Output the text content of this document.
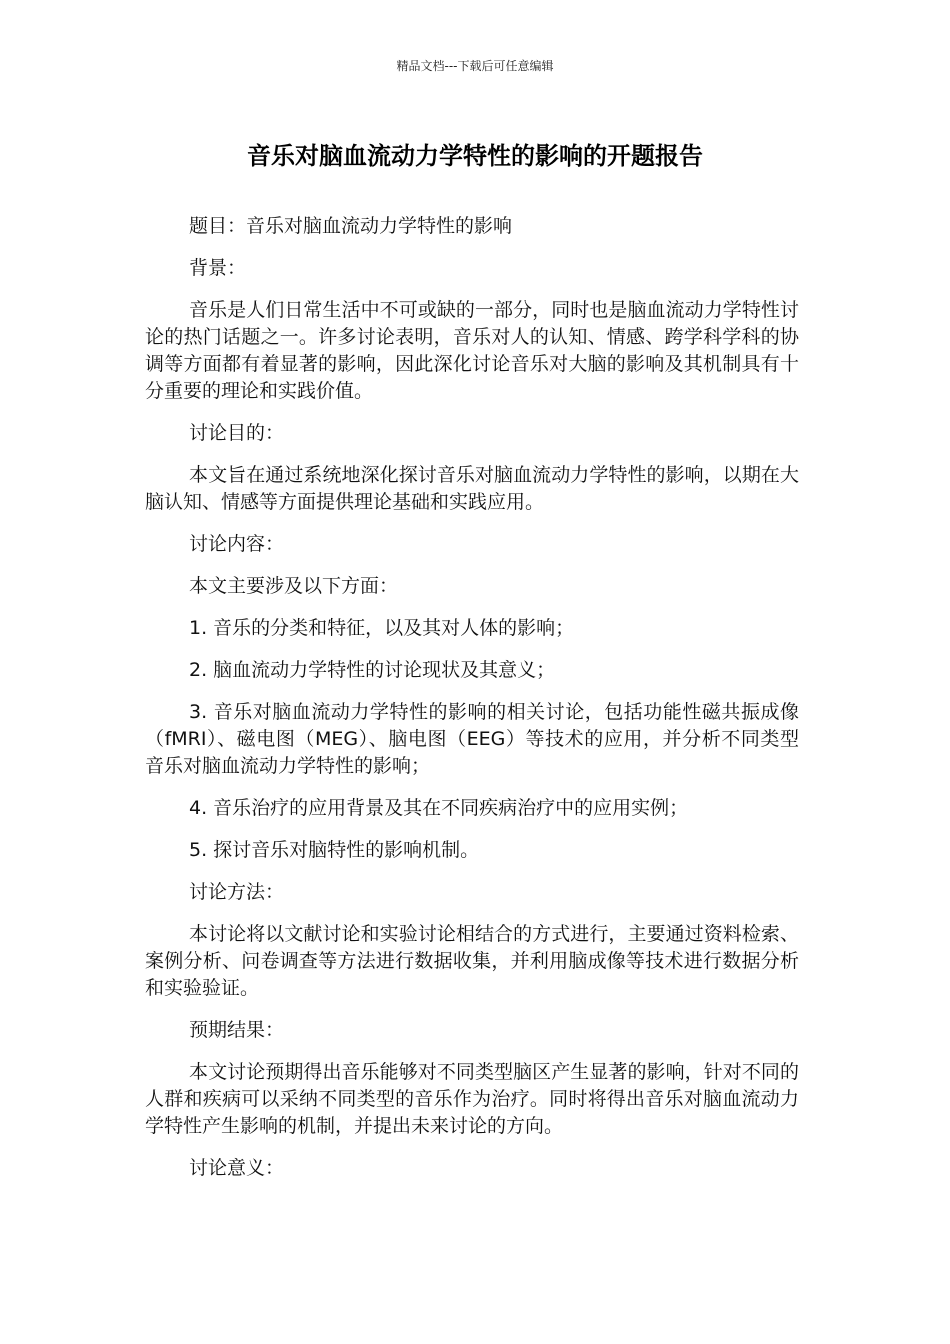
精品文档---下载后可任意编辑
音乐对脑血流动力学特性的影响的开题报告

题目：音乐对脑血流动力学特性的影响

背景：

音乐是人们日常生活中不可或缺的一部分，同时也是脑血流动力学特性讨论的热门话题之一。许多讨论表明，音乐对人的认知、情感、跨学科学科的协调等方面都有着显著的影响，因此深化讨论音乐对大脑的影响及其机制具有十分重要的理论和实践价值。

讨论目的：

本文旨在通过系统地深化探讨音乐对脑血流动力学特性的影响，以期在大脑认知、情感等方面提供理论基础和实践应用。

讨论内容：

本文主要涉及以下方面：

1. 音乐的分类和特征，以及其对人体的影响；

2. 脑血流动力学特性的讨论现状及其意义；

3. 音乐对脑血流动力学特性的影响的相关讨论，包括功能性磁共振成像（fMRI）、磁电图（MEG）、脑电图（EEG）等技术的应用，并分析不同类型音乐对脑血流动力学特性的影响；

4. 音乐治疗的应用背景及其在不同疾病治疗中的应用实例；

5. 探讨音乐对脑特性的影响机制。

讨论方法：

本讨论将以文献讨论和实验讨论相结合的方式进行，主要通过资料检索、案例分析、问卷调查等方法进行数据收集，并利用脑成像等技术进行数据分析和实验验证。

预期结果：

本文讨论预期得出音乐能够对不同类型脑区产生显著的影响，针对不同的人群和疾病可以采纳不同类型的音乐作为治疗。同时将得出音乐对脑血流动力学特性产生影响的机制，并提出未来讨论的方向。

讨论意义：
